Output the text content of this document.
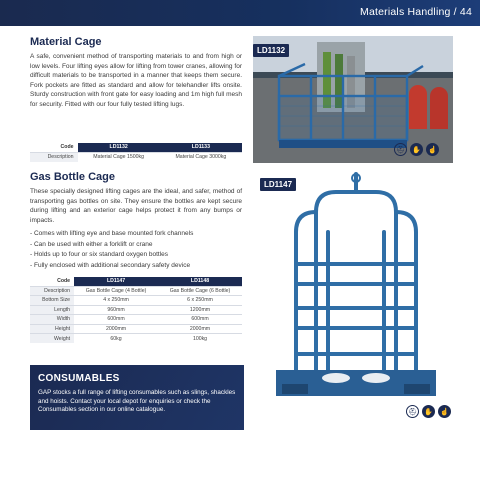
Materials Handling / 44
Material Cage

A safe, convenient method of transporting materials to and from high or low levels. Four lifting eyes allow for lifting from tower cranes, allowing for difficult materials to be transported in a manner that keeps them secure. Fork pockets are fitted as standard and allow for telehandler lifts onsite. Sturdy construction with front gate for easy loading and 1m high full mesh for security. Fitted with our four fully tested lifting lugs.

Code	LD1132	LD1133
Description	Material Cage 1500kg	Material Cage 3000kg
LD1132
⛑	✋	☝
Gas Bottle Cage

These specially designed lifting cages are the ideal, and safer, method of transporting gas bottles on site. They ensure the bottles are kept secure during lifting and an exterior cage helps protect it from any bumps or impacts.

- Comes with lifting eye and base mounted fork channels
- Can be used with either a forklift or crane
- Holds up to four or six standard oxygen bottles
- Fully enclosed with additional secondary safety device
Code	LD1147	LD1148
Description	Gas Bottle Cage (4 Bottle)	Gas Bottle Cage (6 Bottle)
Bottom Size	4 x 250mm	6 x 250mm
Length	960mm	1200mm
Width	600mm	600mm
Height	2000mm	2000mm
Weight	60kg	100kg
LD1147
CONSUMABLES

GAP stocks a full range of lifting consumables such as slings, shackles and hoists. Contact your local depot for enquiries or check the Consumables section in our online catalogue.	⛑	✋	☝
